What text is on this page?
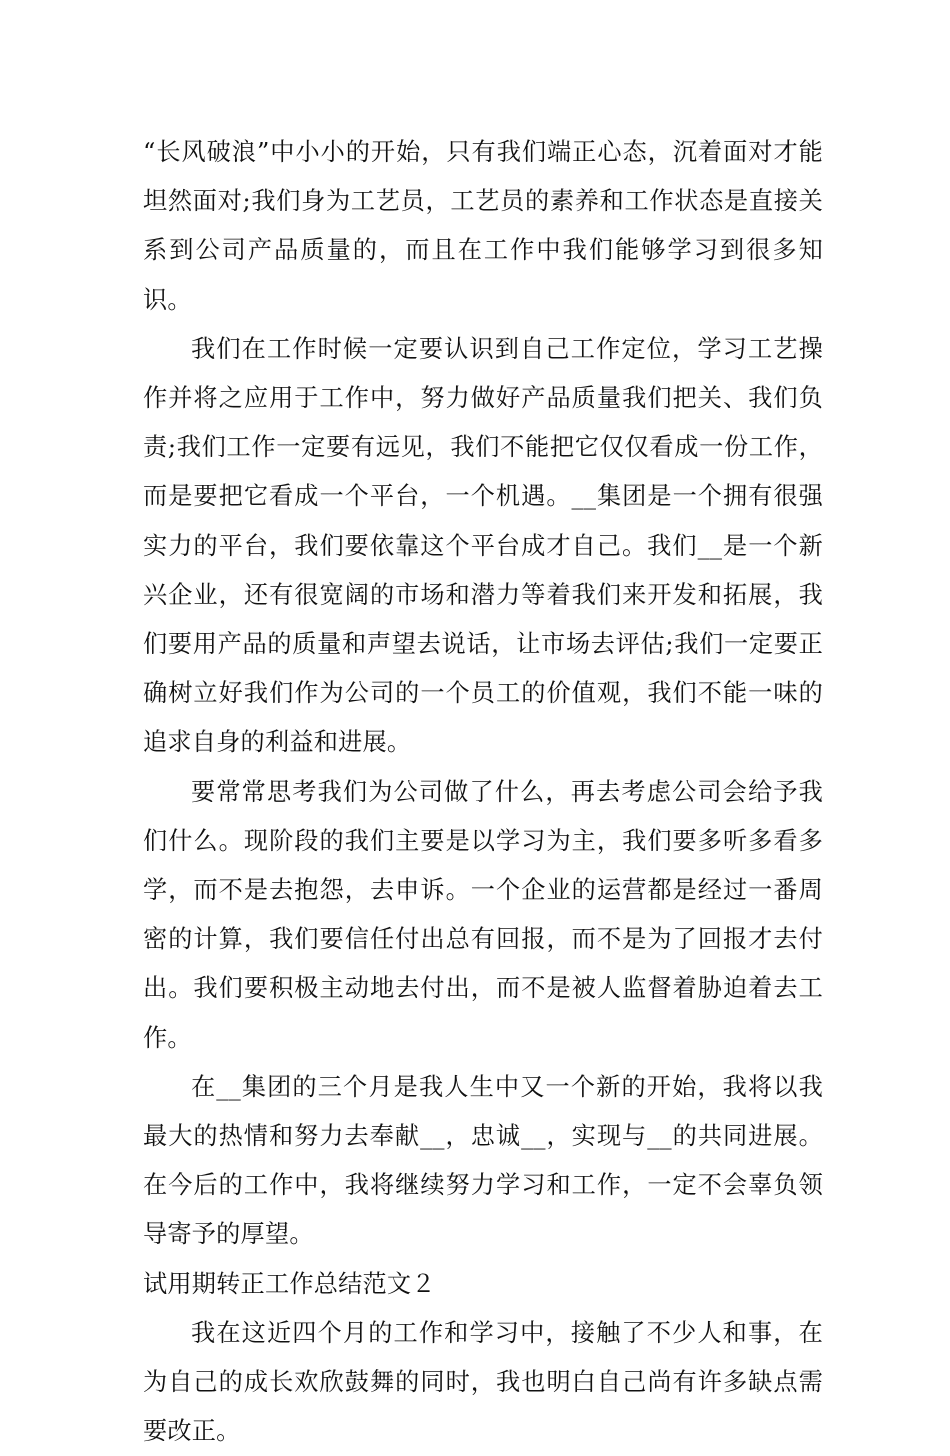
“长风破浪”中小小的开始，只有我们端正心态，沉着面对才能坦然面对;我们身为工艺员，工艺员的素养和工作状态是直接关系到公司产品质量的，而且在工作中我们能够学习到很多知识。

我们在工作时候一定要认识到自己工作定位，学习工艺操作并将之应用于工作中，努力做好产品质量我们把关、我们负责;我们工作一定要有远见，我们不能把它仅仅看成一份工作，而是要把它看成一个平台，一个机遇。__集团是一个拥有很强实力的平台，我们要依靠这个平台成才自己。我们__是一个新兴企业，还有很宽阔的市场和潜力等着我们来开发和拓展，我们要用产品的质量和声望去说话，让市场去评估;我们一定要正确树立好我们作为公司的一个员工的价值观，我们不能一味的追求自身的利益和进展。

要常常思考我们为公司做了什么，再去考虑公司会给予我们什么。现阶段的我们主要是以学习为主，我们要多听多看多学，而不是去抱怨，去申诉。一个企业的运营都是经过一番周密的计算，我们要信任付出总有回报，而不是为了回报才去付出。我们要积极主动地去付出，而不是被人监督着胁迫着去工作。

在__集团的三个月是我人生中又一个新的开始，我将以我最大的热情和努力去奉献__，忠诚__，实现与__的共同进展。在今后的工作中，我将继续努力学习和工作，一定不会辜负领导寄予的厚望。

试用期转正工作总结范文２

我在这近四个月的工作和学习中，接触了不少人和事，在为自己的成长欢欣鼓舞的同时，我也明白自己尚有许多缺点需要改正。
